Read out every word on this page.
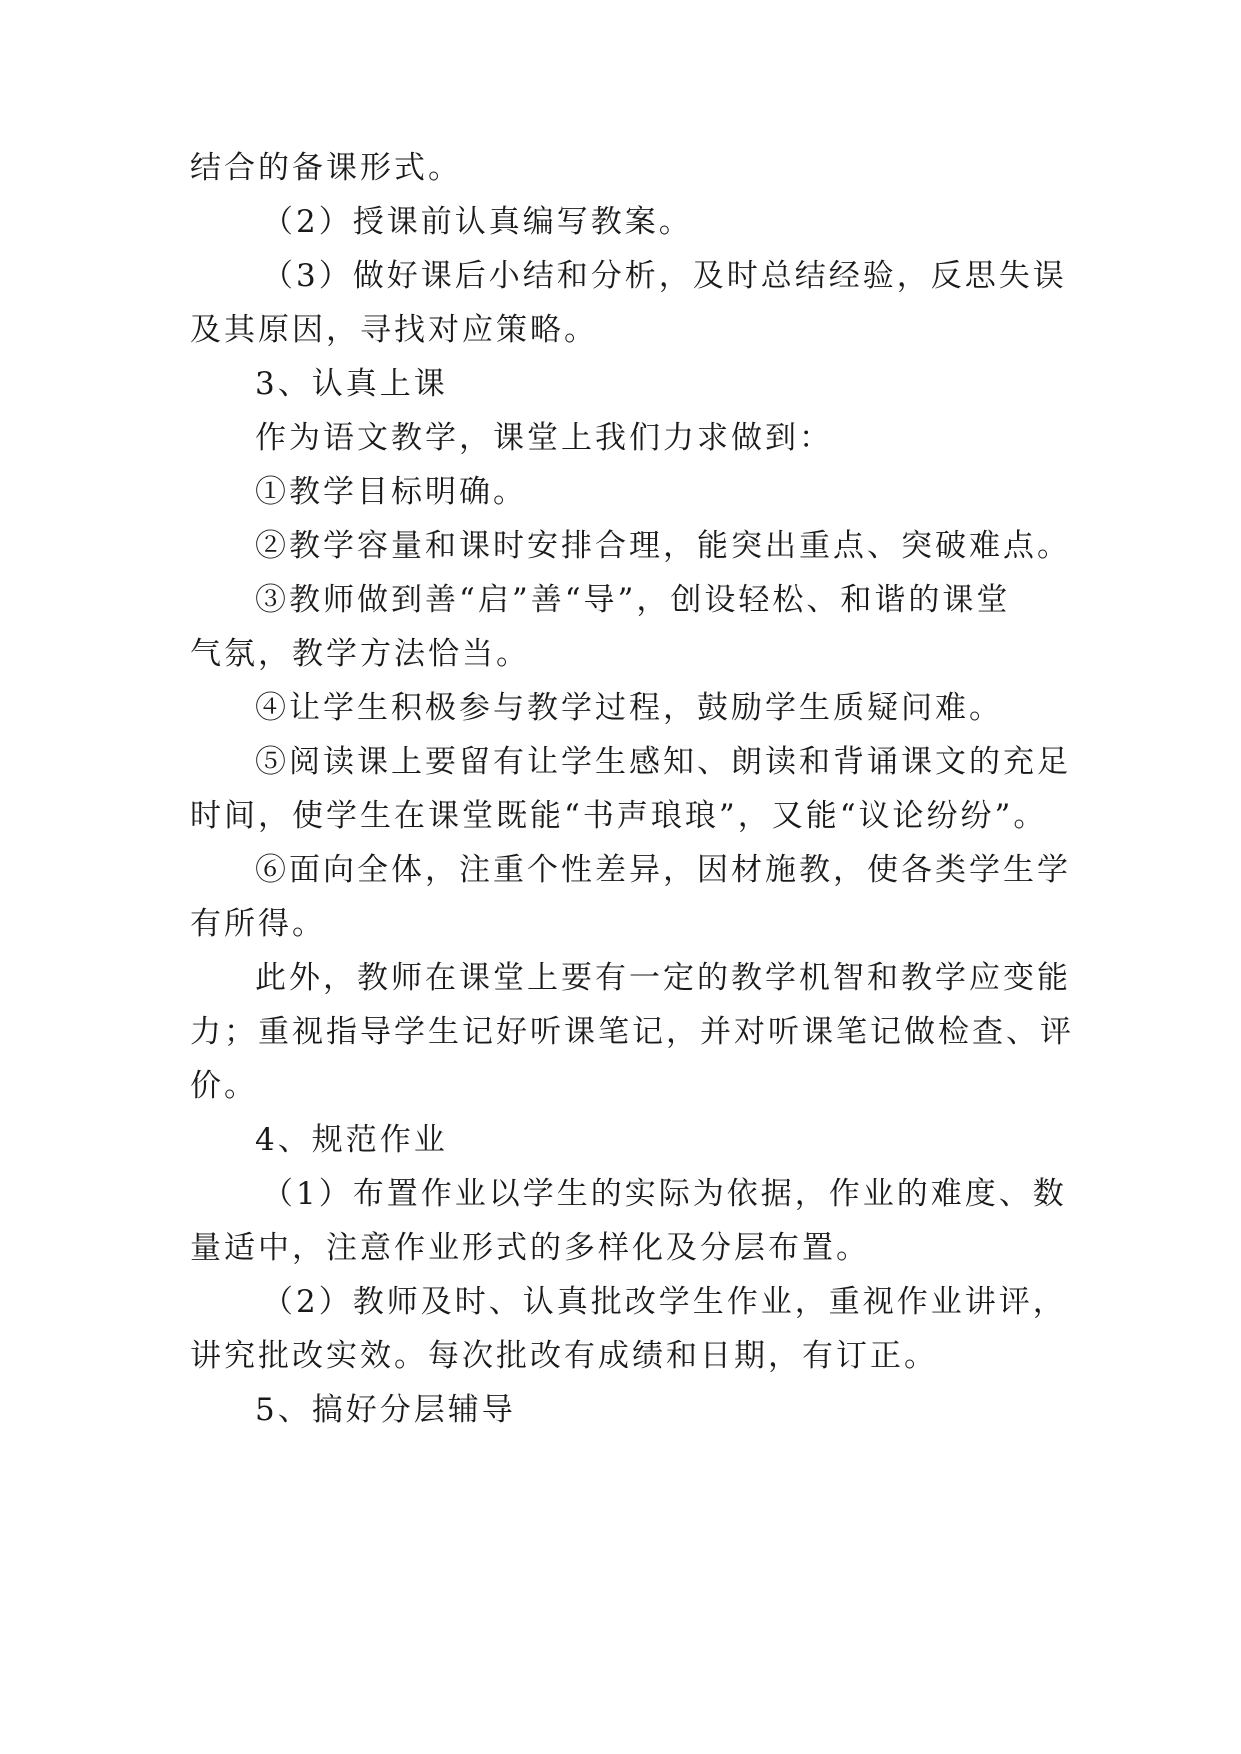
结合的备课形式。
（2）授课前认真编写教案。
（3）做好课后小结和分析，及时总结经验，反思失误
及其原因，寻找对应策略。
3、认真上课
作为语文教学，课堂上我们力求做到：
①教学目标明确。
②教学容量和课时安排合理，能突出重点、突破难点。
③教师做到善“启”善“导”，创设轻松、和谐的课堂
气氛，教学方法恰当。
④让学生积极参与教学过程，鼓励学生质疑问难。
⑤阅读课上要留有让学生感知、朗读和背诵课文的充足
时间，使学生在课堂既能“书声琅琅”，又能“议论纷纷”。
⑥面向全体，注重个性差异，因材施教，使各类学生学
有所得。
此外，教师在课堂上要有一定的教学机智和教学应变能
力；重视指导学生记好听课笔记，并对听课笔记做检查、评
价。
4、规范作业
（1）布置作业以学生的实际为依据，作业的难度、数
量适中，注意作业形式的多样化及分层布置。
（2）教师及时、认真批改学生作业，重视作业讲评，
讲究批改实效。每次批改有成绩和日期，有订正。
5、搞好分层辅导
